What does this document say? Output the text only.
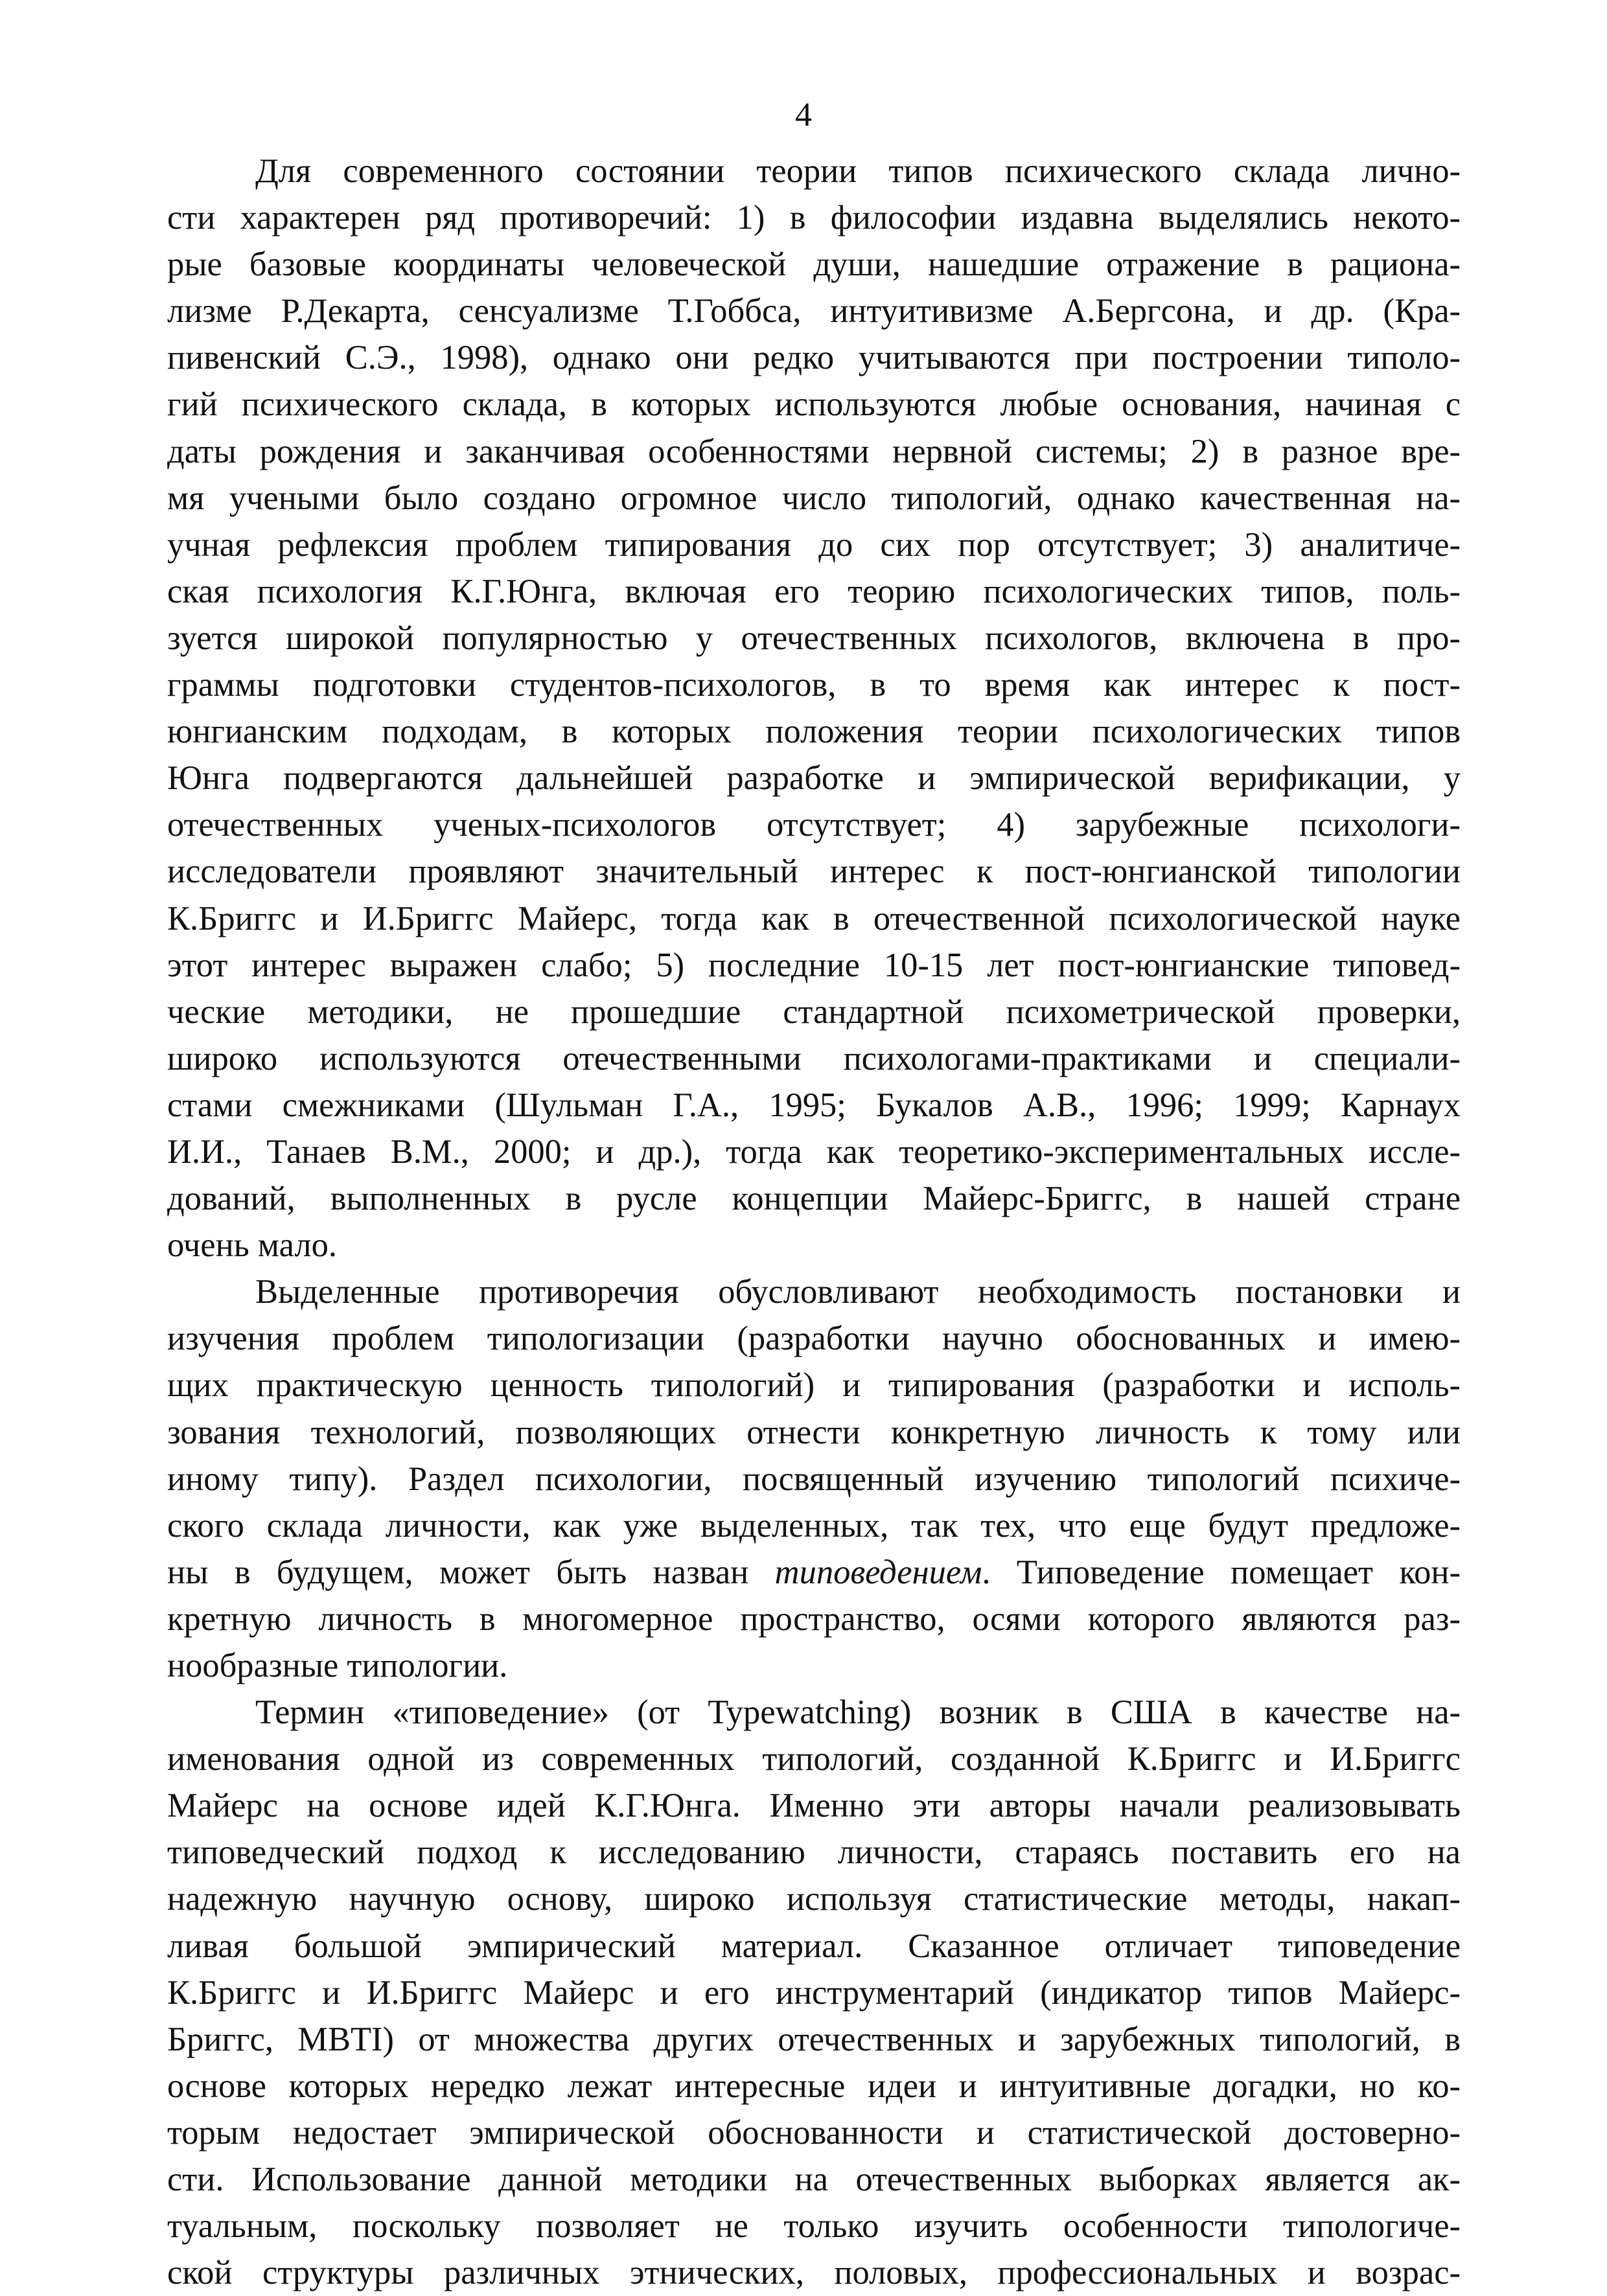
4

Для современного состоянии теории типов психического склада лично-
сти характерен ряд противоречий: 1) в философии издавна выделялись некото-
рые базовые координаты человеческой души, нашедшие отражение в рациона-
лизме Р.Декарта, сенсуализме Т.Гоббса, интуитивизме А.Бергсона, и др. (Кра-
пивенский С.Э., 1998), однако они редко учитываются при построении типоло-
гий психического склада, в которых используются любые основания, начиная с
даты рождения и заканчивая особенностями нервной системы; 2) в разное вре-
мя учеными было создано огромное число типологий, однако качественная на-
учная рефлексия проблем типирования до сих пор отсутствует; 3) аналитиче-
ская психология К.Г.Юнга, включая его теорию психологических типов, поль-
зуется широкой популярностью у отечественных психологов, включена в про-
граммы подготовки студентов-психологов, в то время как интерес к пост-
юнгианским подходам, в которых положения теории психологических типов
Юнга подвергаются дальнейшей разработке и эмпирической верификации, у
отечественных ученых-психологов отсутствует; 4) зарубежные психологи-
исследователи проявляют значительный интерес к пост-юнгианской типологии
К.Бриггс и И.Бриггс Майерс, тогда как в отечественной психологической науке
этот интерес выражен слабо; 5) последние 10-15 лет пост-юнгианские типовед-
ческие методики, не прошедшие стандартной психометрической проверки,
широко используются отечественными психологами-практиками и специали-
стами смежниками (Шульман Г.А., 1995; Букалов А.В., 1996; 1999; Карнаух
И.И., Танаев В.М., 2000; и др.), тогда как теоретико-экспериментальных иссле-
дований, выполненных в русле концепции Майерс-Бриггс, в нашей стране
очень мало.

Выделенные противоречия обусловливают необходимость постановки и
изучения проблем типологизации (разработки научно обоснованных и имею-
щих практическую ценность типологий) и типирования (разработки и исполь-
зования технологий, позволяющих отнести конкретную личность к тому или
иному типу). Раздел психологии, посвященный изучению типологий психиче-
ского склада личности, как уже выделенных, так тех, что еще будут предложе-
ны в будущем, может быть назван типоведением. Типоведение помещает кон-
кретную личность в многомерное пространство, осями которого являются раз-
нообразные типологии.

Термин «типоведение» (от Typewatching) возник в США в качестве на-
именования одной из современных типологий, созданной К.Бриггс и И.Бриггс
Майерс на основе идей К.Г.Юнга. Именно эти авторы начали реализовывать
типоведческий подход к исследованию личности, стараясь поставить его на
надежную научную основу, широко используя статистические методы, накап-
ливая большой эмпирический материал. Сказанное отличает типоведение
К.Бриггс и И.Бриггс Майерс и его инструментарий (индикатор типов Майерс-
Бриггс, MBTI) от множества других отечественных и зарубежных типологий, в
основе которых нередко лежат интересные идеи и интуитивные догадки, но ко-
торым недостает эмпирической обоснованности и статистической достоверно-
сти. Использование данной методики на отечественных выборках является ак-
туальным, поскольку позволяет не только изучить особенности типологиче-
ской структуры различных этнических, половых, профессиональных и возрас-
